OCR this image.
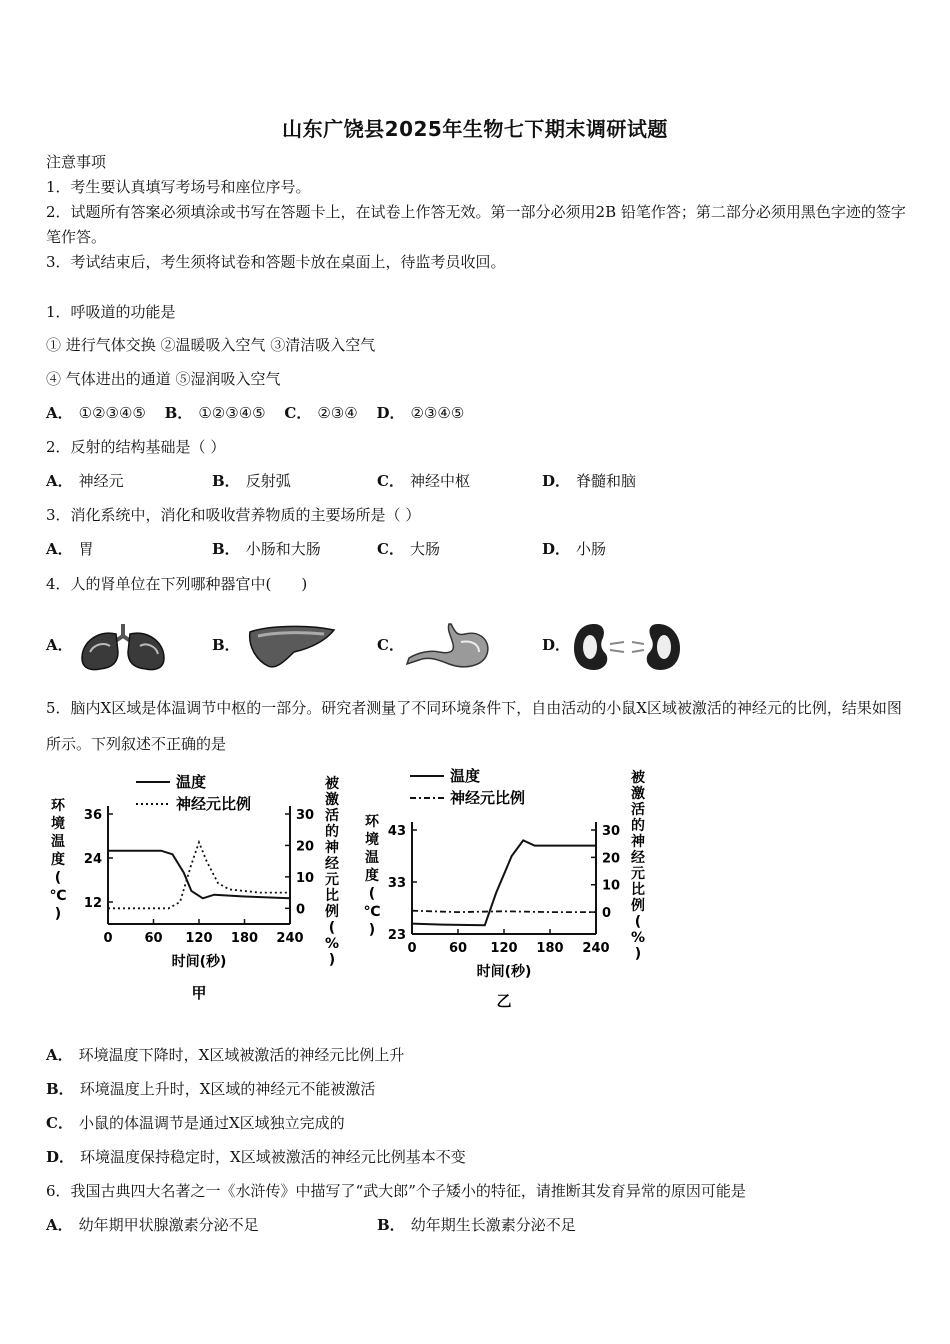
山东广饶县2025年生物七下期末调研试题
注意事项
1．考生要认真填写考场号和座位序号。
2．试题所有答案必须填涂或书写在答题卡上，在试卷上作答无效。第一部分必须用2B 铅笔作答；第二部分必须用黑色字迹的签字笔作答。
3．考试结束后，考生须将试卷和答题卡放在桌面上，待监考员收回。
1．呼吸道的功能是
① 进行气体交换 ②温暖吸入空气 ③清洁吸入空气
④ 气体进出的通道 ⑤湿润吸入空气
A． ①②③④⑤ B． ①②③④⑤ C． ②③④ D． ②③④⑤
2．反射的结构基础是（ ）
A． 神经元	B． 反射弧	C． 神经中枢	D． 脊髓和脑
3．消化系统中，消化和吸收营养物质的主要场所是（ ）
A． 胃	B． 小肠和大肠	C． 大肠	D． 小肠
4．人的肾单位在下列哪种器官中(　　)
A．	B．	C．	D．
5．脑内X区域是体温调节中枢的一部分。研究者测量了不同环境条件下，自由活动的小鼠X区域被激活的神经元的比例，结果如图所示。下列叙述不正确的是
0 60 120 180 240
12
24
36
0
10
20
30
温度
神经元比例
时间(秒)
环
境
温
度
(
℃
)
被
激
活
的
神
经
元
比
例
(
%
)
甲
0 60 120 180 240
23
33
43
0
10
20
30
温度
神经元比例
时间(秒)
环
境
温
度
(
℃
)
被
激
活
的
神
经
元
比
例
(
%
)
乙
A． 环境温度下降时，X区域被激活的神经元比例上升
B． 环境温度上升时，X区域的神经元不能被激活
C． 小鼠的体温调节是通过X区域独立完成的
D． 环境温度保持稳定时，X区域被激活的神经元比例基本不变
6．我国古典四大名著之一《水浒传》中描写了“武大郎”个子矮小的特征，请推断其发育异常的原因可能是
A． 幼年期甲状腺激素分泌不足	B． 幼年期生长激素分泌不足
